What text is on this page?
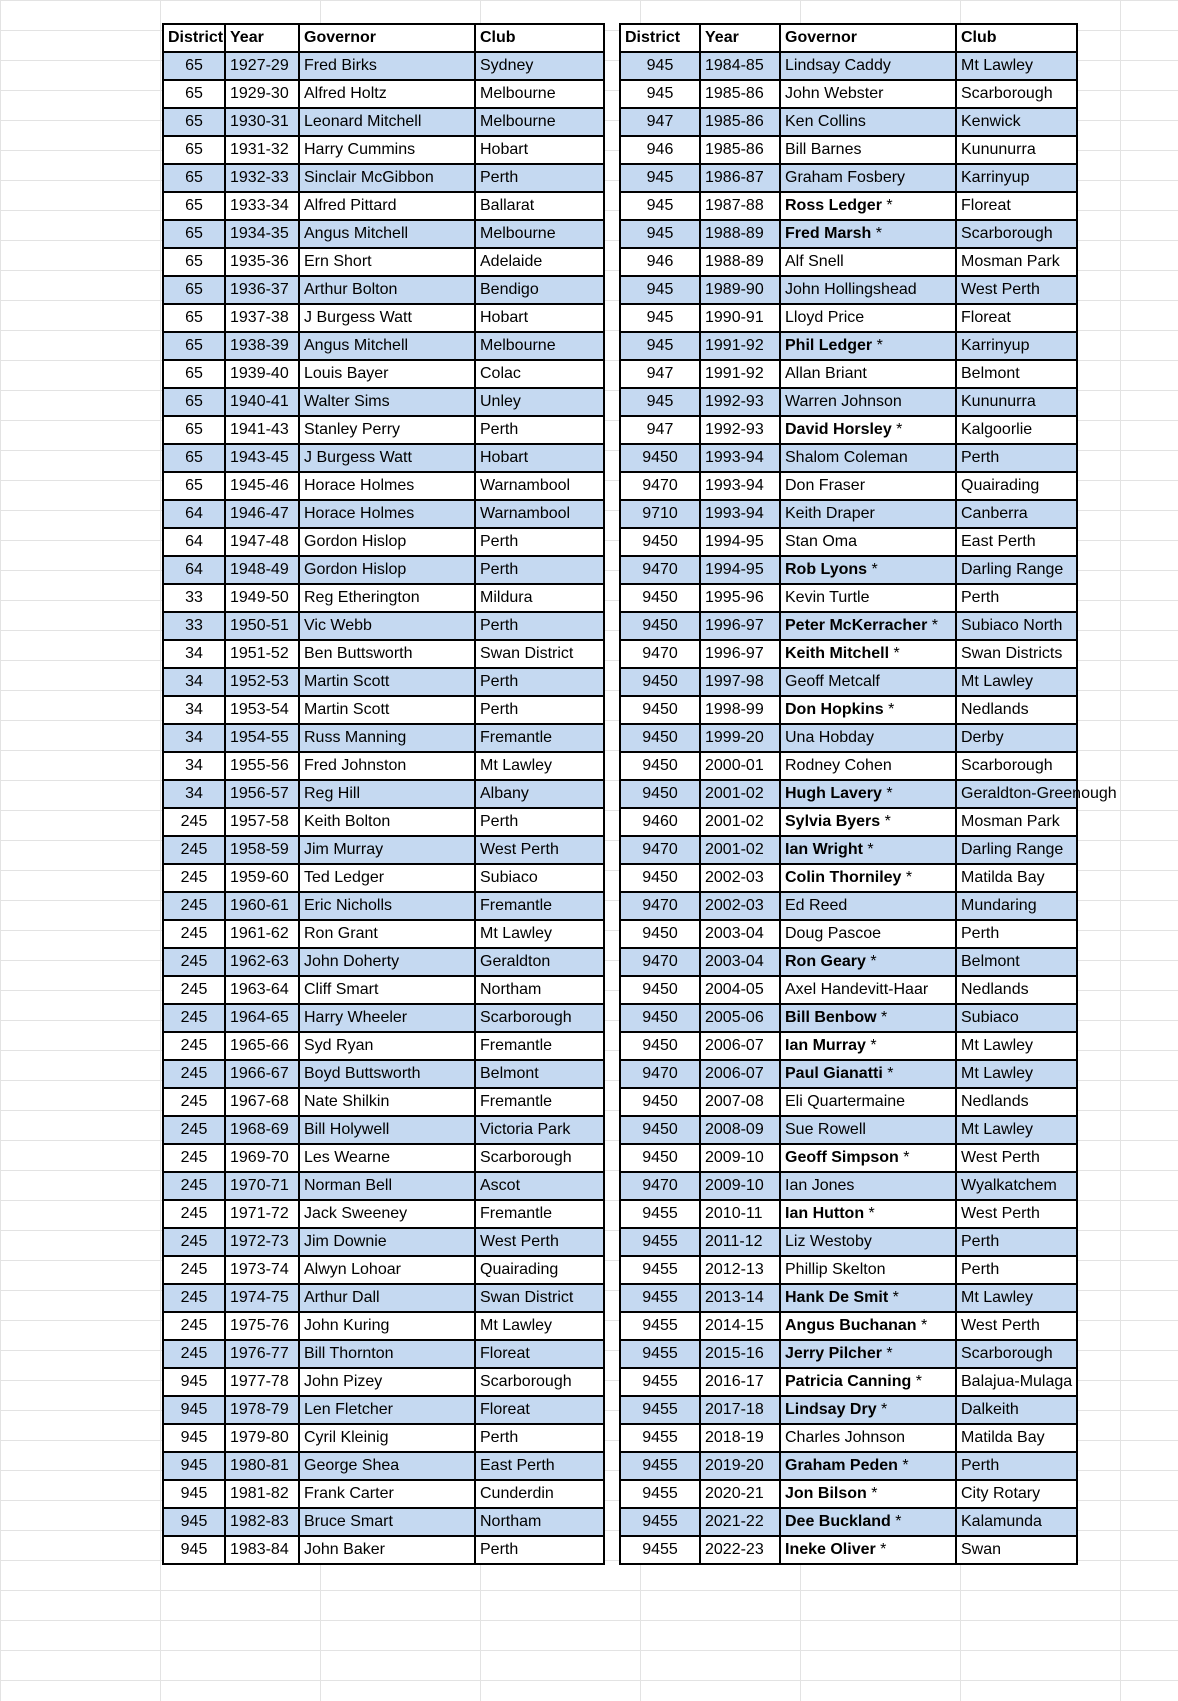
District	Year	Governor	Club
65	1927-29	Fred Birks	Sydney
65	1929-30	Alfred Holtz	Melbourne
65	1930-31	Leonard Mitchell	Melbourne
65	1931-32	Harry Cummins	Hobart
65	1932-33	Sinclair McGibbon	Perth
65	1933-34	Alfred Pittard	Ballarat
65	1934-35	Angus Mitchell	Melbourne
65	1935-36	Ern Short	Adelaide
65	1936-37	Arthur Bolton	Bendigo
65	1937-38	J Burgess Watt	Hobart
65	1938-39	Angus Mitchell	Melbourne
65	1939-40	Louis Bayer	Colac
65	1940-41	Walter Sims	Unley
65	1941-43	Stanley Perry	Perth
65	1943-45	J Burgess Watt	Hobart
65	1945-46	Horace Holmes	Warnambool
64	1946-47	Horace Holmes	Warnambool
64	1947-48	Gordon Hislop	Perth
64	1948-49	Gordon Hislop	Perth
33	1949-50	Reg Etherington	Mildura
33	1950-51	Vic Webb	Perth
34	1951-52	Ben Buttsworth	Swan District
34	1952-53	Martin Scott	Perth
34	1953-54	Martin Scott	Perth
34	1954-55	Russ Manning	Fremantle
34	1955-56	Fred Johnston	Mt Lawley
34	1956-57	Reg Hill	Albany
245	1957-58	Keith Bolton	Perth
245	1958-59	Jim Murray	West Perth
245	1959-60	Ted Ledger	Subiaco
245	1960-61	Eric Nicholls	Fremantle
245	1961-62	Ron Grant	Mt Lawley
245	1962-63	John Doherty	Geraldton
245	1963-64	Cliff Smart	Northam
245	1964-65	Harry Wheeler	Scarborough
245	1965-66	Syd Ryan	Fremantle
245	1966-67	Boyd Buttsworth	Belmont
245	1967-68	Nate Shilkin	Fremantle
245	1968-69	Bill Holywell	Victoria Park
245	1969-70	Les Wearne	Scarborough
245	1970-71	Norman Bell	Ascot
245	1971-72	Jack Sweeney	Fremantle
245	1972-73	Jim Downie	West Perth
245	1973-74	Alwyn Lohoar	Quairading
245	1974-75	Arthur Dall	Swan District
245	1975-76	John Kuring	Mt Lawley
245	1976-77	Bill Thornton	Floreat
945	1977-78	John Pizey	Scarborough
945	1978-79	Len Fletcher	Floreat
945	1979-80	Cyril Kleinig	Perth
945	1980-81	George Shea	East Perth
945	1981-82	Frank Carter	Cunderdin
945	1982-83	Bruce Smart	Northam
945	1983-84	John Baker	Perth
District	Year	Governor	Club
945	1984-85	Lindsay Caddy	Mt Lawley
945	1985-86	John Webster	Scarborough
947	1985-86	Ken Collins	Kenwick
946	1985-86	Bill Barnes	Kununurra
945	1986-87	Graham Fosbery	Karrinyup
945	1987-88	Ross Ledger *	Floreat
945	1988-89	Fred Marsh *	Scarborough
946	1988-89	Alf Snell	Mosman Park
945	1989-90	John Hollingshead	West Perth
945	1990-91	Lloyd Price	Floreat
945	1991-92	Phil Ledger *	Karrinyup
947	1991-92	Allan Briant	Belmont
945	1992-93	Warren Johnson	Kununurra
947	1992-93	David Horsley *	Kalgoorlie
9450	1993-94	Shalom Coleman	Perth
9470	1993-94	Don Fraser	Quairading
9710	1993-94	Keith Draper	Canberra
9450	1994-95	Stan Oma	East Perth
9470	1994-95	Rob Lyons *	Darling Range
9450	1995-96	Kevin Turtle	Perth
9450	1996-97	Peter McKerracher *	Subiaco North
9470	1996-97	Keith Mitchell *	Swan Districts
9450	1997-98	Geoff Metcalf	Mt Lawley
9450	1998-99	Don Hopkins *	Nedlands
9450	1999-20	Una Hobday	Derby
9450	2000-01	Rodney Cohen	Scarborough
9450	2001-02	Hugh Lavery *	Geraldton-Greenough
9460	2001-02	Sylvia Byers *	Mosman Park
9470	2001-02	Ian Wright *	Darling Range
9450	2002-03	Colin Thorniley *	Matilda Bay
9470	2002-03	Ed Reed	Mundaring
9450	2003-04	Doug Pascoe	Perth
9470	2003-04	Ron Geary *	Belmont
9450	2004-05	Axel Handevitt-Haar	Nedlands
9450	2005-06	Bill Benbow *	Subiaco
9450	2006-07	Ian Murray *	Mt Lawley
9470	2006-07	Paul Gianatti *	Mt Lawley
9450	2007-08	Eli Quartermaine	Nedlands
9450	2008-09	Sue Rowell	Mt Lawley
9450	2009-10	Geoff Simpson *	West Perth
9470	2009-10	Ian Jones	Wyalkatchem
9455	2010-11	Ian Hutton *	West Perth
9455	2011-12	Liz Westoby	Perth
9455	2012-13	Phillip Skelton	Perth
9455	2013-14	Hank De Smit *	Mt Lawley
9455	2014-15	Angus Buchanan *	West Perth
9455	2015-16	Jerry Pilcher *	Scarborough
9455	2016-17	Patricia Canning *	Balajua-Mulaga
9455	2017-18	Lindsay Dry *	Dalkeith
9455	2018-19	Charles Johnson	Matilda Bay
9455	2019-20	Graham Peden *	Perth
9455	2020-21	Jon Bilson *	City Rotary
9455	2021-22	Dee Buckland *	Kalamunda
9455	2022-23	Ineke Oliver *	Swan
